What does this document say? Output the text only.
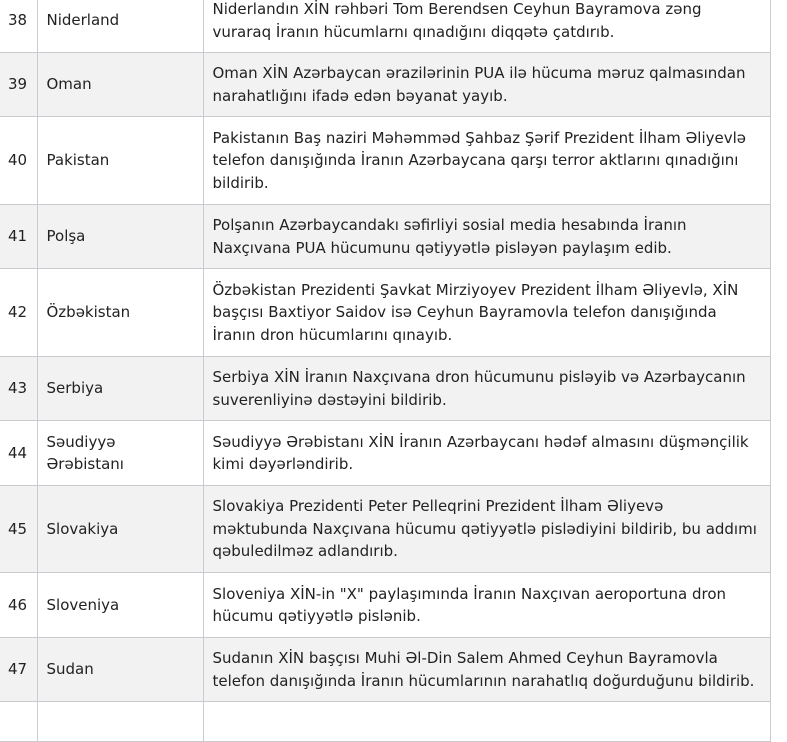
38	Niderland	Niderlandın XİN rəhbəri Tom Berendsen Ceyhun Bayramova zəng vuraraq İranın hücumlarnı qınadığını diqqətə çatdırıb.
39	Oman	Oman XİN Azərbaycan ərazilərinin PUA ilə hücuma məruz qalmasından narahatlığını ifadə edən bəyanat yayıb.
40	Pakistan	Pakistanın Baş naziri Məhəmməd Şahbaz Şərif Prezident İlham Əliyevlə telefon danışığında İranın Azərbaycana qarşı terror aktlarını qınadığını bildirib.
41	Polşa	Polşanın Azərbaycandakı səfirliyi sosial media hesabında İranın Naxçıvana PUA hücumunu qətiyyətlə pisləyən paylaşım edib.
42	Özbəkistan	Özbəkistan Prezidenti Şavkat Mirziyoyev Prezident İlham Əliyevlə, XİN başçısı Baxtiyor Saidov isə Ceyhun Bayramovla telefon danışığında İranın dron hücumlarını qınayıb.
43	Serbiya	Serbiya XİN İranın Naxçıvana dron hücumunu pisləyib və Azərbaycanın suverenliyinə dəstəyini bildirib.
44	Səudiyyə Ərəbistanı	Səudiyyə Ərəbistanı XİN İranın Azərbaycanı hədəf almasını düşmənçilik kimi dəyərləndirib.
45	Slovakiya	Slovakiya Prezidenti Peter Pelleqrini Prezident İlham Əliyevə məktubunda Naxçıvana hücumu qətiyyətlə pislədiyini bildirib, bu addımı qəbuledilməz adlandırıb.
46	Sloveniya	Sloveniya XİN-in "X" paylaşımında İranın Naxçıvan aeroportuna dron hücumu qətiyyətlə pislənib.
47	Sudan	Sudanın XİN başçısı Muhi Əl-Din Salem Ahmed Ceyhun Bayramovla telefon danışığında İranın hücumlarının narahatlıq doğurduğunu bildirib.
